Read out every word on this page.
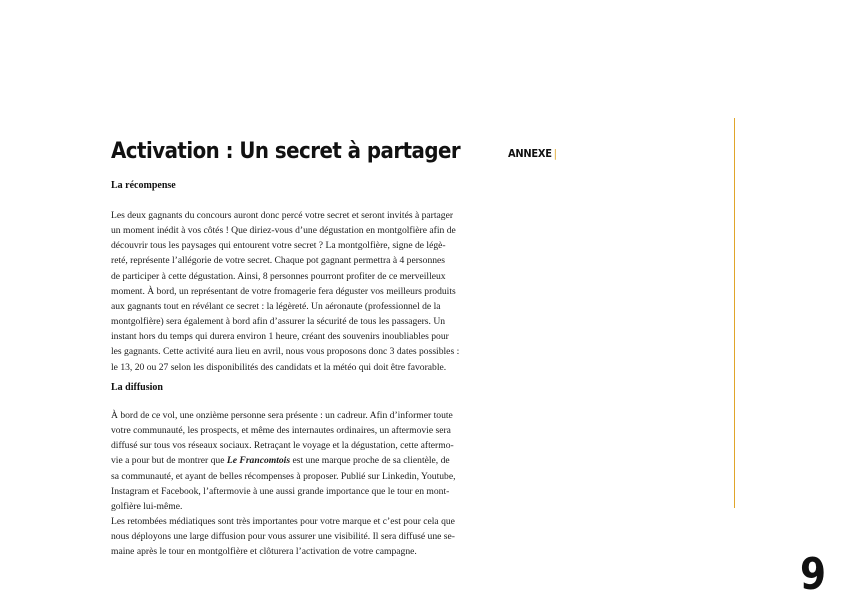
Activation : Un secret à partager	ANNEXE |
La récompense
Les deux gagnants du concours auront donc percé votre secret et seront invités à partager
un moment inédit à vos côtés ! Que diriez-vous d’une dégustation en montgolfière afin de
découvrir tous les paysages qui entourent votre secret ? La montgolfière, signe de légè-
reté, représente l’allégorie de votre secret. Chaque pot gagnant permettra à 4 personnes
de participer à cette dégustation. Ainsi, 8 personnes pourront profiter de ce merveilleux
moment. À bord, un représentant de votre fromagerie fera déguster vos meilleurs produits
aux gagnants tout en révélant ce secret : la légèreté. Un aéronaute (professionnel de la
montgolfière) sera également à bord afin d’assurer la sécurité de tous les passagers. Un
instant hors du temps qui durera environ 1 heure, créant des souvenirs inoubliables pour
les gagnants. Cette activité aura lieu en avril, nous vous proposons donc 3 dates possibles :
le 13, 20 ou 27 selon les disponibilités des candidats et la météo qui doit être favorable.
La diffusion
À bord de ce vol, une onzième personne sera présente : un cadreur. Afin d’informer toute
votre communauté, les prospects, et même des internautes ordinaires, un aftermovie sera
diffusé sur tous vos réseaux sociaux. Retraçant le voyage et la dégustation, cette aftermo-
vie a pour but de montrer que Le Francomtois est une marque proche de sa clientèle, de
sa communauté, et ayant de belles récompenses à proposer. Publié sur Linkedin, Youtube,
Instagram et Facebook, l’aftermovie à une aussi grande importance que le tour en mont-
golfière lui-même.
Les retombées médiatiques sont très importantes pour votre marque et c’est pour cela que
nous déployons une large diffusion pour vous assurer une visibilité. Il sera diffusé une se-
maine après le tour en montgolfière et clôturera l’activation de votre campagne.	9
